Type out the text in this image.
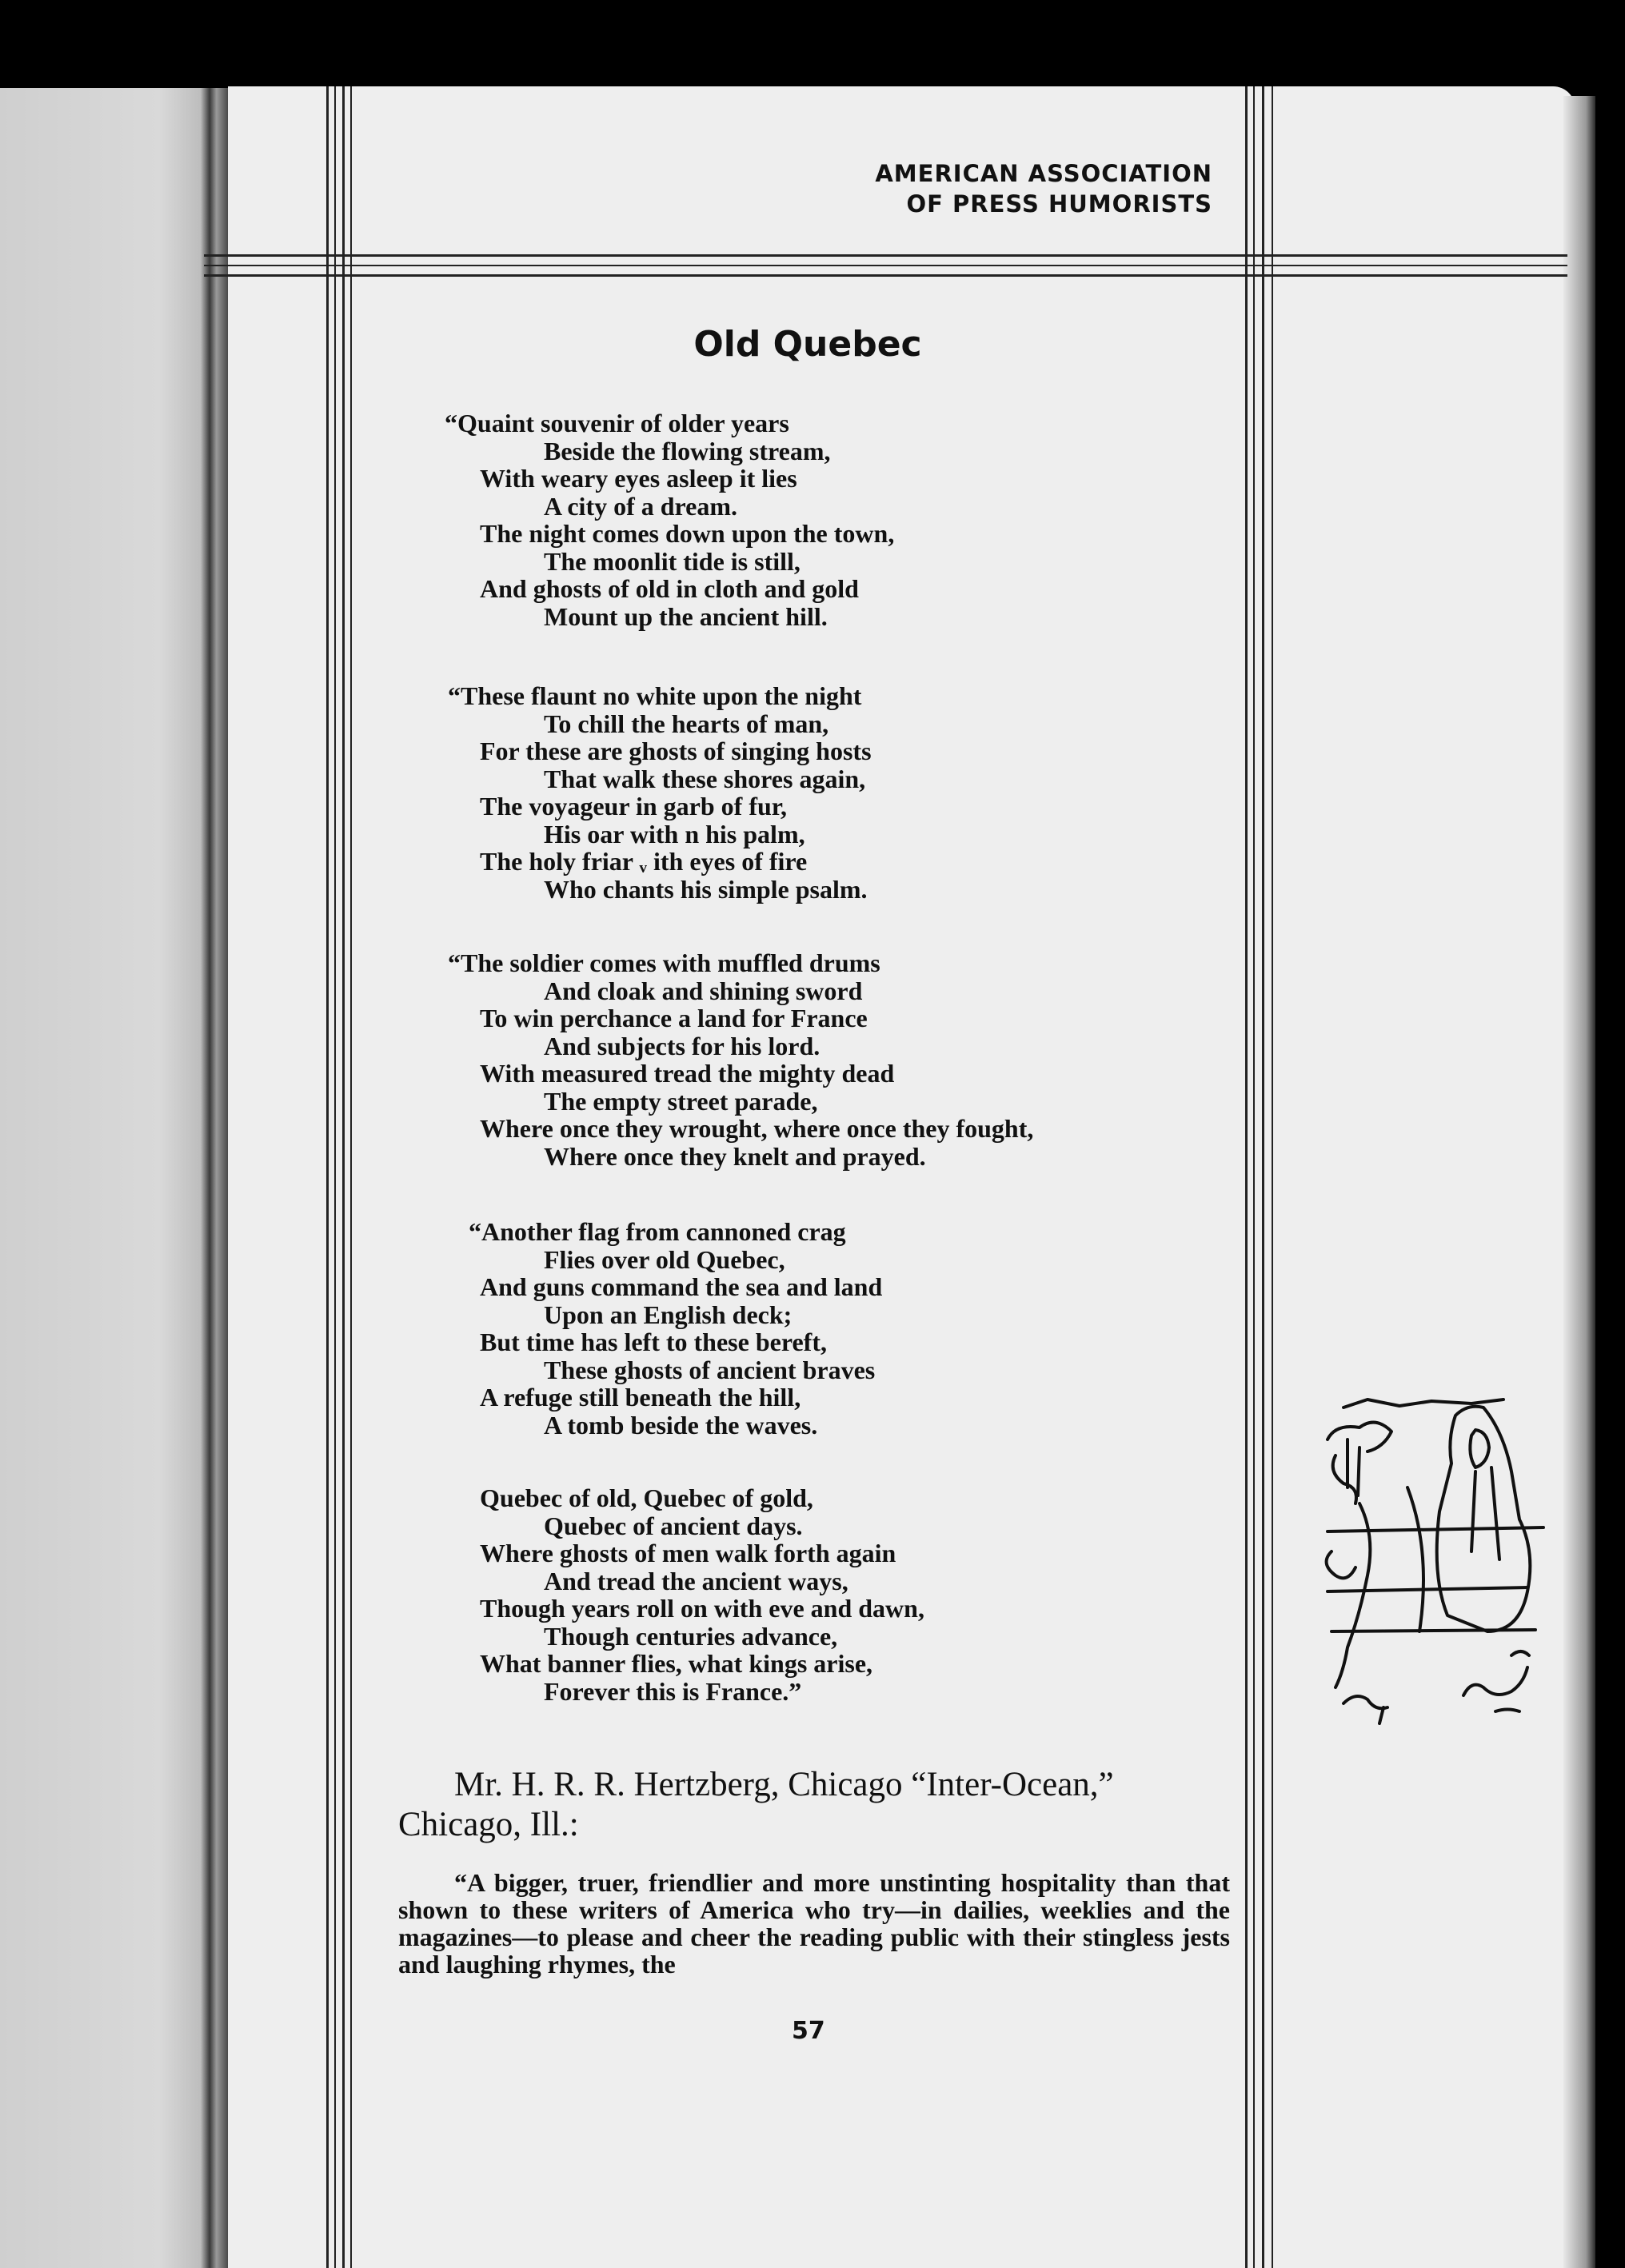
AMERICAN ASSOCIATION
OF PRESS HUMORISTS
Old Quebec
“Quaint souvenir of older years
Beside the flowing stream,
With weary eyes asleep it lies
A city of a dream.
The night comes down upon the town,
The moonlit tide is still,
And ghosts of old in cloth and gold
Mount up the ancient hill.
“These flaunt no white upon the night
To chill the hearts of man,
For these are ghosts of singing hosts
That walk these shores again,
The voyageur in garb of fur,
His oar with n his palm,
The holy friar ᵥ ith eyes of fire
Who chants his simple psalm.
“The soldier comes with muffled drums
And cloak and shining sword
To win perchance a land for France
And subjects for his lord.
With measured tread the mighty dead
The empty street parade,
Where once they wrought, where once they fought,
Where once they knelt and prayed.
“Another flag from cannoned crag
Flies over old Quebec,
And guns command the sea and land
Upon an English deck;
But time has left to these bereft,
These ghosts of ancient braves
A refuge still beneath the hill,
A tomb beside the waves.
Quebec of old, Quebec of gold,
Quebec of ancient days.
Where ghosts of men walk forth again
And tread the ancient ways,
Though years roll on with eve and dawn,
Though centuries advance,
What banner flies, what kings arise,
Forever this is France.”
Mr. H. R. R. Hertzberg, Chicago “Inter-Ocean,”
Chicago, Ill.:
“A bigger, truer, friendlier and more unstinting hospitality than that shown to these writers of America who try—in dailies, weeklies and the magazines—to please and cheer the reading public with their stingless jests and laughing rhymes, the
57
